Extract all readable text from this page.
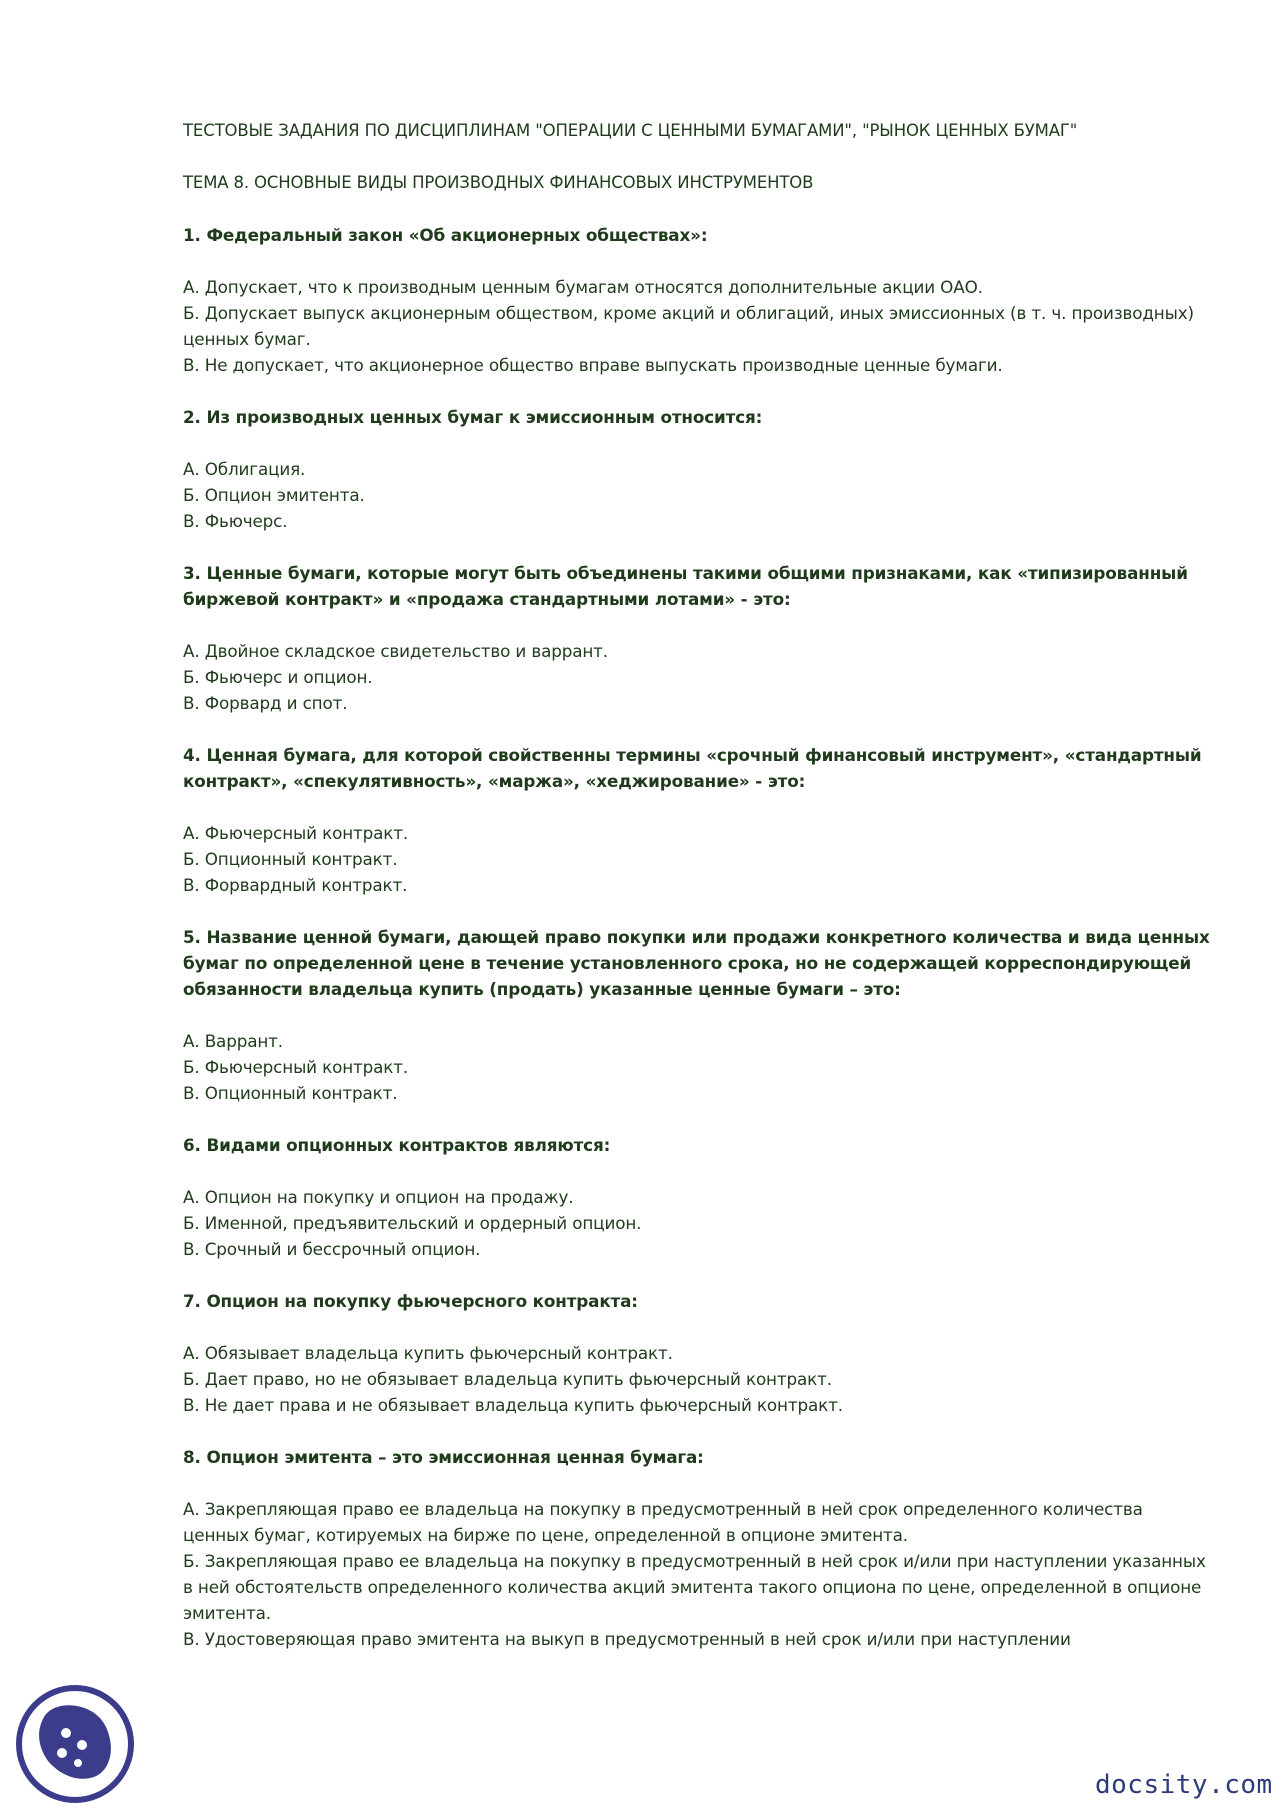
ТЕСТОВЫЕ ЗАДАНИЯ ПО ДИСЦИПЛИНАМ "ОПЕРАЦИИ С ЦЕННЫМИ БУМАГАМИ", "РЫНОК ЦЕННЫХ БУМАГ"
ТЕМА 8. ОСНОВНЫЕ ВИДЫ ПРОИЗВОДНЫХ ФИНАНСОВЫХ ИНСТРУМЕНТОВ
1. Федеральный закон «Об акционерных обществах»:
А. Допускает, что к производным ценным бумагам относятся дополнительные акции ОАО.
Б. Допускает выпуск акционерным обществом, кроме акций и облигаций, иных эмиссионных (в т. ч. производных) ценных бумаг.
В. Не допускает, что акционерное общество вправе выпускать производные ценные бумаги.
2. Из производных ценных бумаг к эмиссионным относится:
А. Облигация.
Б. Опцион эмитента.
В. Фьючерс.
3. Ценные бумаги, которые могут быть объединены такими общими признаками, как «типизированный биржевой контракт» и «продажа стандартными лотами» - это:
А. Двойное складское свидетельство и варрант.
Б. Фьючерс и опцион.
В. Форвард и спот.
4. Ценная бумага, для которой свойственны термины «срочный финансовый инструмент», «стандартный контракт», «спекулятивность», «маржа», «хеджирование» - это:
А. Фьючерсный контракт.
Б. Опционный контракт.
В. Форвардный контракт.
5. Название ценной бумаги, дающей право покупки или продажи конкретного количества и вида ценных бумаг по определенной цене в течение установленного срока, но не содержащей корреспондирующей обязанности владельца купить (продать) указанные ценные бумаги – это:
А. Варрант.
Б. Фьючерсный контракт.
В. Опционный контракт.
6. Видами опционных контрактов являются:
А. Опцион на покупку и опцион на продажу.
Б. Именной, предъявительский и ордерный опцион.
В. Срочный и бессрочный опцион.
7. Опцион на покупку фьючерсного контракта:
А. Обязывает владельца купить фьючерсный контракт.
Б. Дает право, но не обязывает владельца купить фьючерсный контракт.
В. Не дает права и не обязывает владельца купить фьючерсный контракт.
8. Опцион эмитента – это эмиссионная ценная бумага:
А. Закрепляющая право ее владельца на покупку в предусмотренный в ней срок определенного количества ценных бумаг, котируемых на бирже по цене, определенной в опционе эмитента.
Б. Закрепляющая право ее владельца на покупку в предусмотренный в ней срок и/или при наступлении указанных в ней обстоятельств определенного количества акций эмитента такого опциона по цене, определенной в опционе эмитента.
В. Удостоверяющая право эмитента на выкуп в предусмотренный в ней срок и/или при наступлении
docsity.com
